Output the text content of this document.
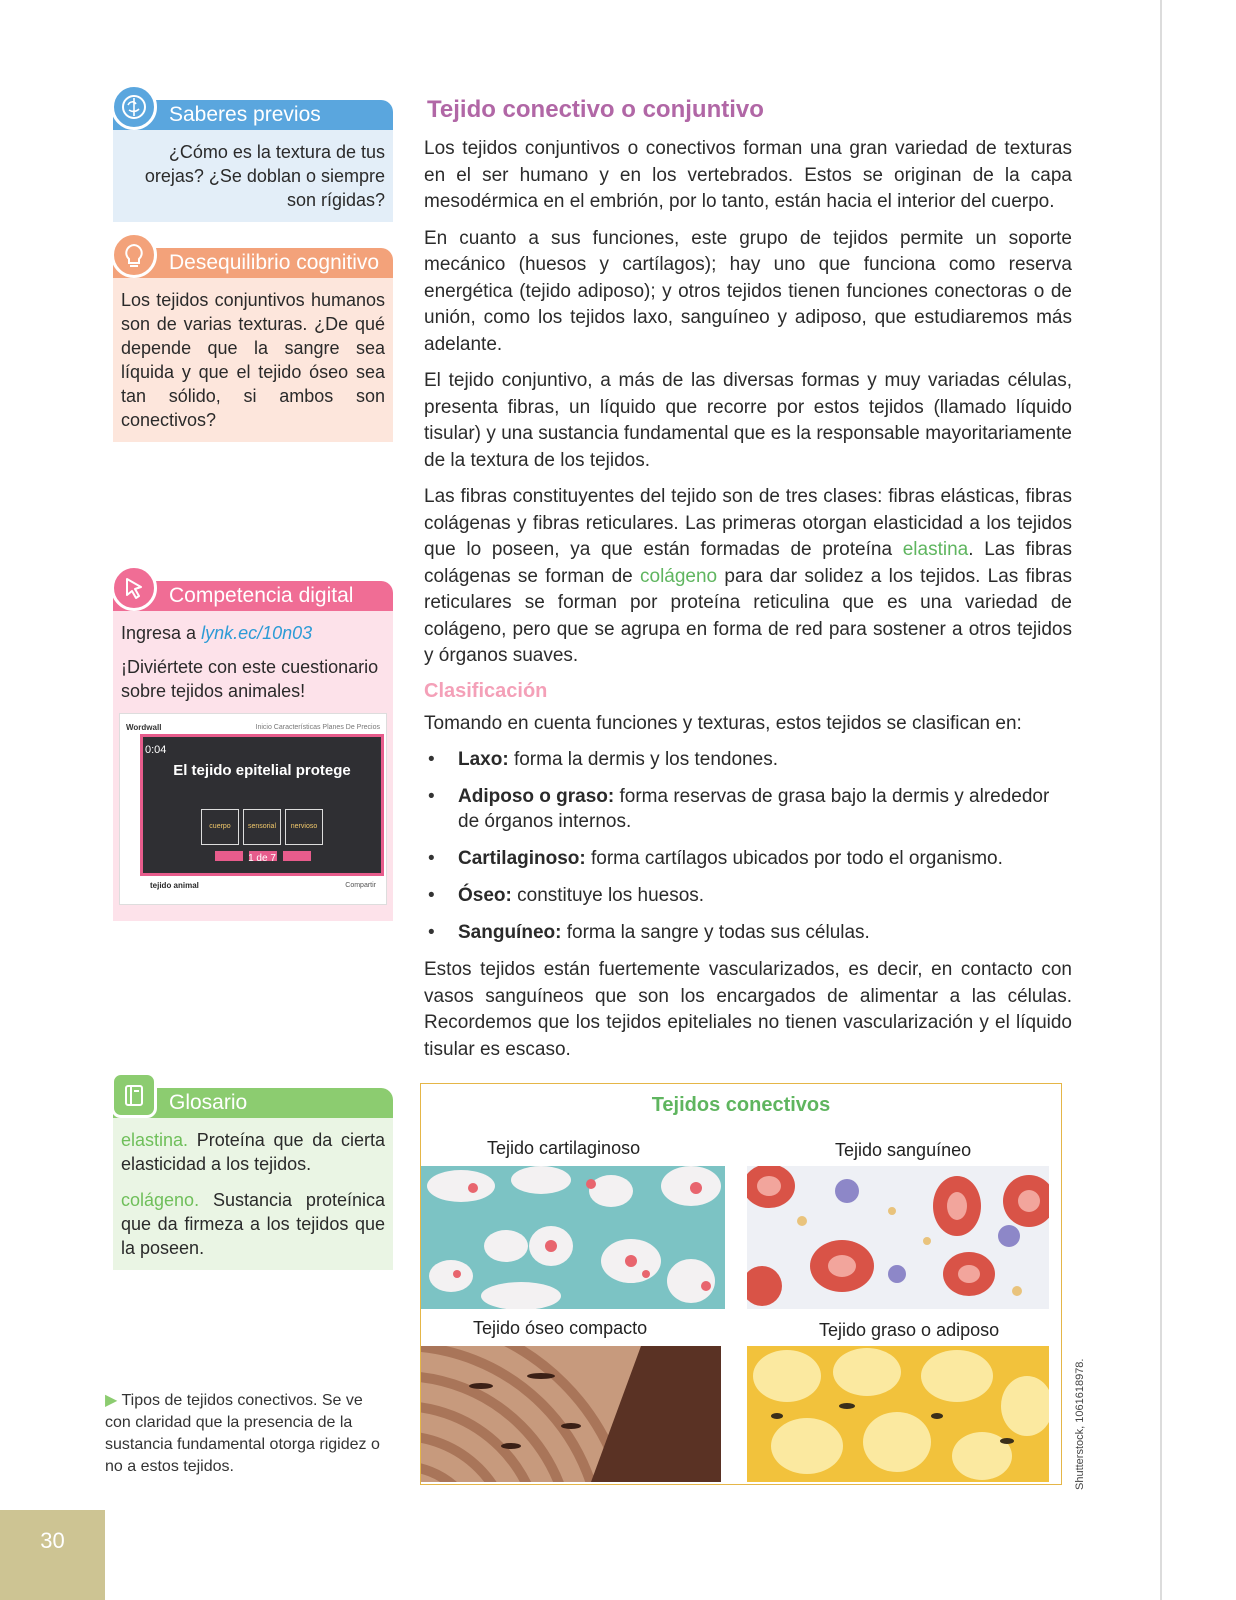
Saberes previos
¿Cómo es la textura de tus orejas? ¿Se doblan o siempre son rígidas?
Desequilibrio cognitivo
Los tejidos conjuntivos humanos son de varias texturas. ¿De qué depende que la sangre sea líquida y que el tejido óseo sea tan sólido, si ambos son conectivos?
Competencia digital
Ingresa a lynk.ec/10n03
¡Diviértete con este cuestionario sobre tejidos animales!
Wordwall	Inicio Características Planes De Precios
0:04
El tejido epitelial protege
cuerpo	sensorial	nervioso
1 de 7
tejido animal	Compartir
Glosario

elastina. Proteína que da cierta elasticidad a los tejidos.

colágeno. Sustancia proteínica que da firmeza a los tejidos que la poseen.

▶ Tipos de tejidos conectivos. Se ve con claridad que la presencia de la sustancia fundamental otorga rigidez o no a estos tejidos.
Tejido conectivo o conjuntivo

Los tejidos conjuntivos o conectivos forman una gran variedad de texturas en el ser humano y en los vertebrados. Estos se originan de la capa mesodérmica en el embrión, por lo tanto, están hacia el interior del cuerpo.

En cuanto a sus funciones, este grupo de tejidos permite un soporte mecánico (huesos y cartílagos); hay uno que funciona como reserva energética (tejido adiposo); y otros tejidos tienen funciones conectoras o de unión, como los tejidos laxo, sanguíneo y adiposo, que estudiaremos más adelante.

El tejido conjuntivo, a más de las diversas formas y muy variadas células, presenta fibras, un líquido que recorre por estos tejidos (llamado líquido tisular) y una sustancia fundamental que es la responsable mayoritariamente de la textura de los tejidos.

Las fibras constituyentes del tejido son de tres clases: fibras elásticas, fibras colágenas y fibras reticulares. Las primeras otorgan elasticidad a los tejidos que lo poseen, ya que están formadas de proteína elastina. Las fibras colágenas se forman de colágeno para dar solidez a los tejidos. Las fibras reticulares se forman por proteína reticulina que es una variedad de colágeno, pero que se agrupa en forma de red para sostener a otros tejidos y órganos suaves.

Clasificación

Tomando en cuenta funciones y texturas, estos tejidos se clasifican en:

• Laxo: forma la dermis y los tendones.
• Adiposo o graso: forma reservas de grasa bajo la dermis y alrededor de órganos internos.
• Cartilaginoso: forma cartílagos ubicados por todo el organismo.
• Óseo: constituye los huesos.
• Sanguíneo: forma la sangre y todas sus células.

Estos tejidos están fuertemente vascularizados, es decir, en contacto con vasos sanguíneos que son los encargados de alimentar a las células. Recordemos que los tejidos epiteliales no tienen vascularización y el líquido tisular es escaso.

Tejidos conectivos
Tejido cartilaginoso	Tejido sanguíneo
Tejido óseo compacto	Tejido graso o adiposo
Shutterstock, 1061618978.
30
